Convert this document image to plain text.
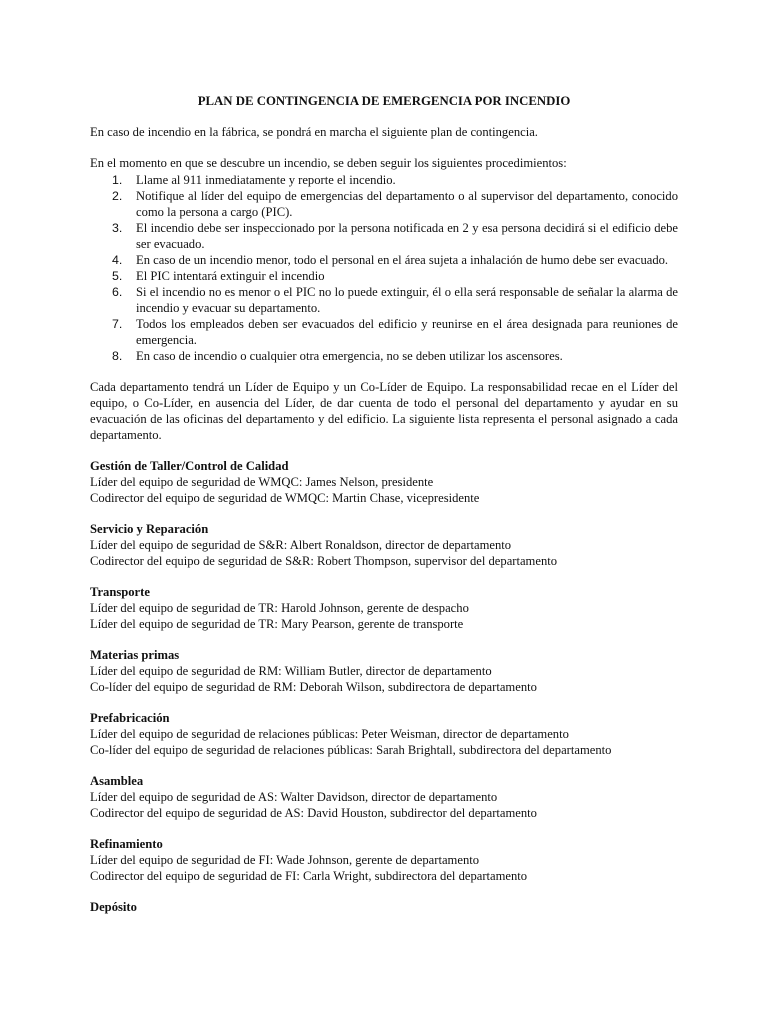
PLAN DE CONTINGENCIA DE EMERGENCIA POR INCENDIO

En caso de incendio en la fábrica, se pondrá en marcha el siguiente plan de contingencia.

En el momento en que se descubre un incendio, se deben seguir los siguientes procedimientos:

1. Llame al 911 inmediatamente y reporte el incendio.
2. Notifique al líder del equipo de emergencias del departamento o al supervisor del departamento, conocido como la persona a cargo (PIC).
3. El incendio debe ser inspeccionado por la persona notificada en 2 y esa persona decidirá si el edificio debe ser evacuado.
4. En caso de un incendio menor, todo el personal en el área sujeta a inhalación de humo debe ser evacuado.
5. El PIC intentará extinguir el incendio
6. Si el incendio no es menor o el PIC no lo puede extinguir, él o ella será responsable de señalar la alarma de incendio y evacuar su departamento.
7. Todos los empleados deben ser evacuados del edificio y reunirse en el área designada para reuniones de emergencia.
8. En caso de incendio o cualquier otra emergencia, no se deben utilizar los ascensores.

Cada departamento tendrá un Líder de Equipo y un Co-Líder de Equipo. La responsabilidad recae en el Líder del equipo, o Co-Líder, en ausencia del Líder, de dar cuenta de todo el personal del departamento y ayudar en su evacuación de las oficinas del departamento y del edificio. La siguiente lista representa el personal asignado a cada departamento.

Gestión de Taller/Control de Calidad
Líder del equipo de seguridad de WMQC: James Nelson, presidente
Codirector del equipo de seguridad de WMQC: Martin Chase, vicepresidente
Servicio y Reparación
Líder del equipo de seguridad de S&R: Albert Ronaldson, director de departamento
Codirector del equipo de seguridad de S&R: Robert Thompson, supervisor del departamento
Transporte
Líder del equipo de seguridad de TR: Harold Johnson, gerente de despacho
Líder del equipo de seguridad de TR: Mary Pearson, gerente de transporte
Materias primas
Líder del equipo de seguridad de RM: William Butler, director de departamento
Co-líder del equipo de seguridad de RM: Deborah Wilson, subdirectora de departamento
Prefabricación
Líder del equipo de seguridad de relaciones públicas: Peter Weisman, director de departamento
Co-líder del equipo de seguridad de relaciones públicas: Sarah Brightall, subdirectora del departamento
Asamblea
Líder del equipo de seguridad de AS: Walter Davidson, director de departamento
Codirector del equipo de seguridad de AS: David Houston, subdirector del departamento
Refinamiento
Líder del equipo de seguridad de FI: Wade Johnson, gerente de departamento
Codirector del equipo de seguridad de FI: Carla Wright, subdirectora del departamento
Depósito
